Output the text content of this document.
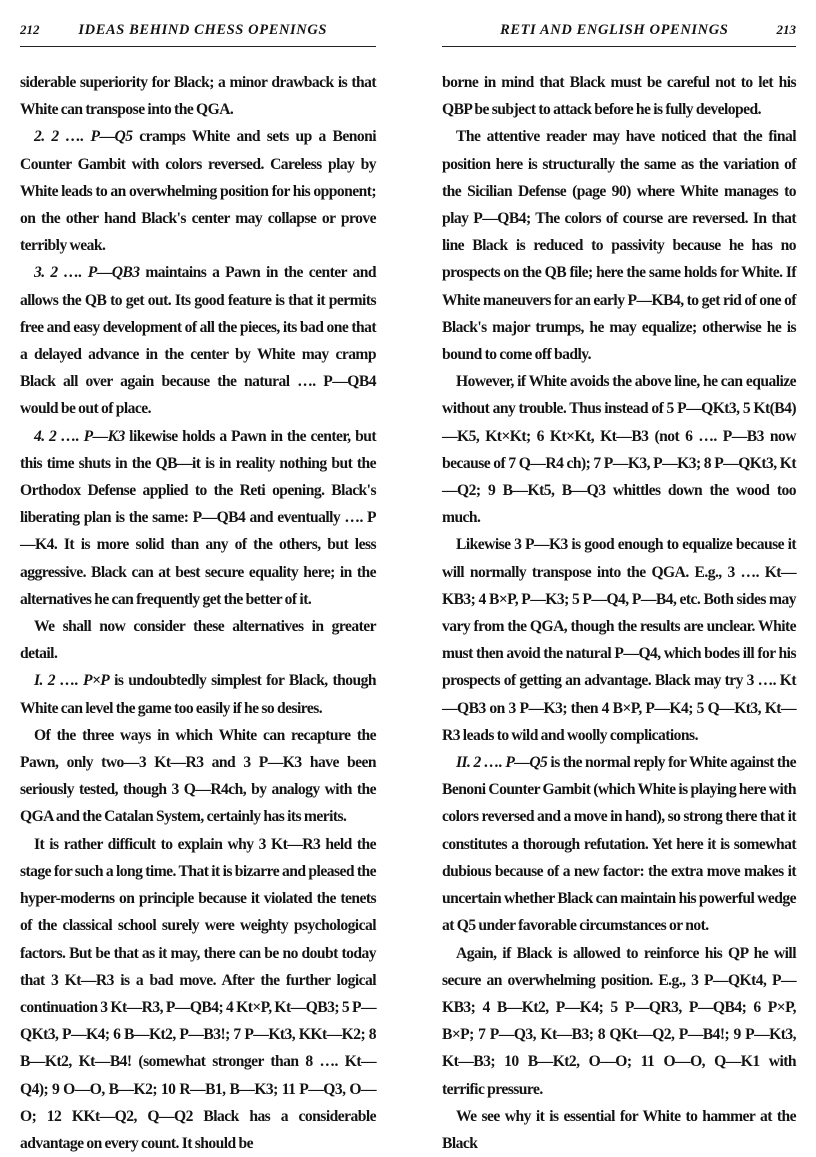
212	IDEAS BEHIND CHESS OPENINGS

siderable superiority for Black; a minor drawback is that White can transpose into the QGA.

2. 2 …. P—Q5 cramps White and sets up a Benoni Counter Gambit with colors reversed. Careless play by White leads to an overwhelming position for his opponent; on the other hand Black's center may collapse or prove terribly weak.

3. 2 …. P—QB3 maintains a Pawn in the center and allows the QB to get out. Its good feature is that it permits free and easy development of all the pieces, its bad one that a delayed advance in the center by White may cramp Black all over again because the natural …. P—QB4 would be out of place.

4. 2 …. P—K3 likewise holds a Pawn in the center, but this time shuts in the QB—it is in reality nothing but the Orthodox Defense applied to the Reti opening. Black's liberating plan is the same: P—QB4 and eventually …. P—K4. It is more solid than any of the others, but less aggressive. Black can at best secure equality here; in the alternatives he can frequently get the better of it.

We shall now consider these alternatives in greater detail.

I. 2 …. P×P is undoubtedly simplest for Black, though White can level the game too easily if he so desires.

Of the three ways in which White can recapture the Pawn, only two—3 Kt—R3 and 3 P—K3 have been seriously tested, though 3 Q—R4ch, by analogy with the QGA and the Catalan System, certainly has its merits.

It is rather difficult to explain why 3 Kt—R3 held the stage for such a long time. That it is bizarre and pleased the hyper-moderns on principle because it violated the tenets of the classical school surely were weighty psychological factors. But be that as it may, there can be no doubt today that 3 Kt—R3 is a bad move. After the further logical continuation 3 Kt—R3, P—QB4; 4 Kt×P, Kt—QB3; 5 P—QKt3, P—K4; 6 B—Kt2, P—B3!; 7 P—Kt3, KKt—K2; 8 B—Kt2, Kt—B4! (somewhat stronger than 8 …. Kt—Q4); 9 O—O, B—K2; 10 R—B1, B—K3; 11 P—Q3, O—O; 12 KKt—Q2, Q—Q2 Black has a considerable advantage on every count. It should be

RETI AND ENGLISH OPENINGS	213

borne in mind that Black must be careful not to let his QBP be subject to attack before he is fully developed.

The attentive reader may have noticed that the final position here is structurally the same as the variation of the Sicilian Defense (page 90) where White manages to play P—QB4; The colors of course are reversed. In that line Black is reduced to passivity because he has no prospects on the QB file; here the same holds for White. If White maneuvers for an early P—KB4, to get rid of one of Black's major trumps, he may equalize; otherwise he is bound to come off badly.

However, if White avoids the above line, he can equalize without any trouble. Thus instead of 5 P—QKt3, 5 Kt(B4)—K5, Kt×Kt; 6 Kt×Kt, Kt—B3 (not 6 …. P—B3 now because of 7 Q—R4 ch); 7 P—K3, P—K3; 8 P—QKt3, Kt—Q2; 9 B—Kt5, B—Q3 whittles down the wood too much.

Likewise 3 P—K3 is good enough to equalize because it will normally transpose into the QGA. E.g., 3 …. Kt—KB3; 4 B×P, P—K3; 5 P—Q4, P—B4, etc. Both sides may vary from the QGA, though the results are unclear. White must then avoid the natural P—Q4, which bodes ill for his prospects of getting an advantage. Black may try 3 …. Kt—QB3 on 3 P—K3; then 4 B×P, P—K4; 5 Q—Kt3, Kt—R3 leads to wild and woolly complications.

II. 2 …. P—Q5 is the normal reply for White against the Benoni Counter Gambit (which White is playing here with colors reversed and a move in hand), so strong there that it constitutes a thorough refutation. Yet here it is somewhat dubious because of a new factor: the extra move makes it uncertain whether Black can maintain his powerful wedge at Q5 under favorable circumstances or not.

Again, if Black is allowed to reinforce his QP he will secure an overwhelming position. E.g., 3 P—QKt4, P—KB3; 4 B—Kt2, P—K4; 5 P—QR3, P—QB4; 6 P×P, B×P; 7 P—Q3, Kt—B3; 8 QKt—Q2, P—B4!; 9 P—Kt3, Kt—B3; 10 B—Kt2, O—O; 11 O—O, Q—K1 with terrific pressure.

We see why it is essential for White to hammer at the Black
